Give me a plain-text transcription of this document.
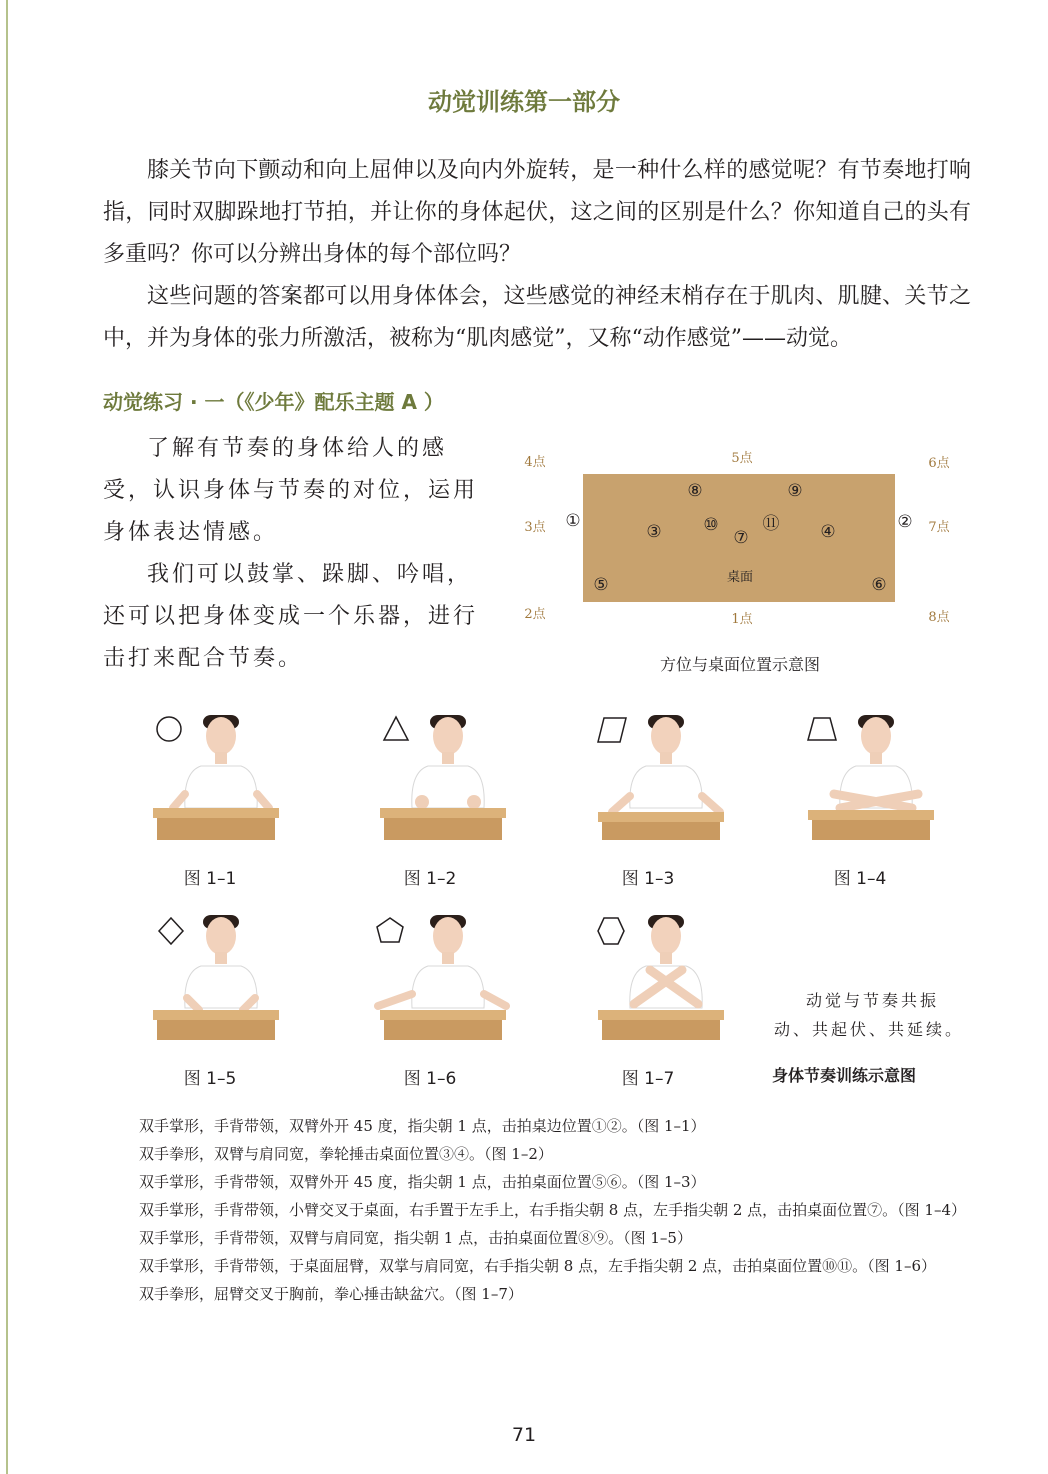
动觉训练第一部分

膝关节向下颤动和向上屈伸以及向内外旋转，是一种什么样的感觉呢？有节奏地打响指，同时双脚跺地打节拍，并让你的身体起伏，这之间的区别是什么？你知道自己的头有多重吗？你可以分辨出身体的每个部位吗？

这些问题的答案都可以用身体体会，这些感觉的神经末梢存在于肌肉、肌腱、关节之中，并为身体的张力所激活，被称为“肌肉感觉”，又称“动作感觉”——动觉。

动觉练习 · 一（《少年》配乐主题 A ）

了解有节奏的身体给人的感受，认识身体与节奏的对位，运用身体表达情感。

我们可以鼓掌、跺脚、吟唱，还可以把身体变成一个乐器，进行击打来配合节奏。

桌面
4点	5点	6点
3点	7点
2点	1点	8点
①	②
③	④
⑤	⑥
⑦
⑧	⑨
⑩	⑪
方位与桌面位置示意图
图 1–1	图 1–2	图 1–3	图 1–4
图 1–5	图 1–6	图 1–7

动觉与节奏共振动、共起伏、共延续。

身体节奏训练示意图

双手掌形，手背带领，双臂外开 45 度，指尖朝 1 点，击拍桌边位置①②。（图 1–1）

双手拳形，双臂与肩同宽，拳轮捶击桌面位置③④。（图 1–2）

双手掌形，手背带领，双臂外开 45 度，指尖朝 1 点，击拍桌面位置⑤⑥。（图 1–3）

双手掌形，手背带领，小臂交叉于桌面，右手置于左手上，右手指尖朝 8 点，左手指尖朝 2 点，击拍桌面位置⑦。（图 1–4）

双手掌形，手背带领，双臂与肩同宽，指尖朝 1 点，击拍桌面位置⑧⑨。（图 1–5）

双手掌形，手背带领，于桌面屈臂，双掌与肩同宽，右手指尖朝 8 点，左手指尖朝 2 点，击拍桌面位置⑩⑪。（图 1–6）

双手拳形，屈臂交叉于胸前，拳心捶击缺盆穴。（图 1–7）

71
